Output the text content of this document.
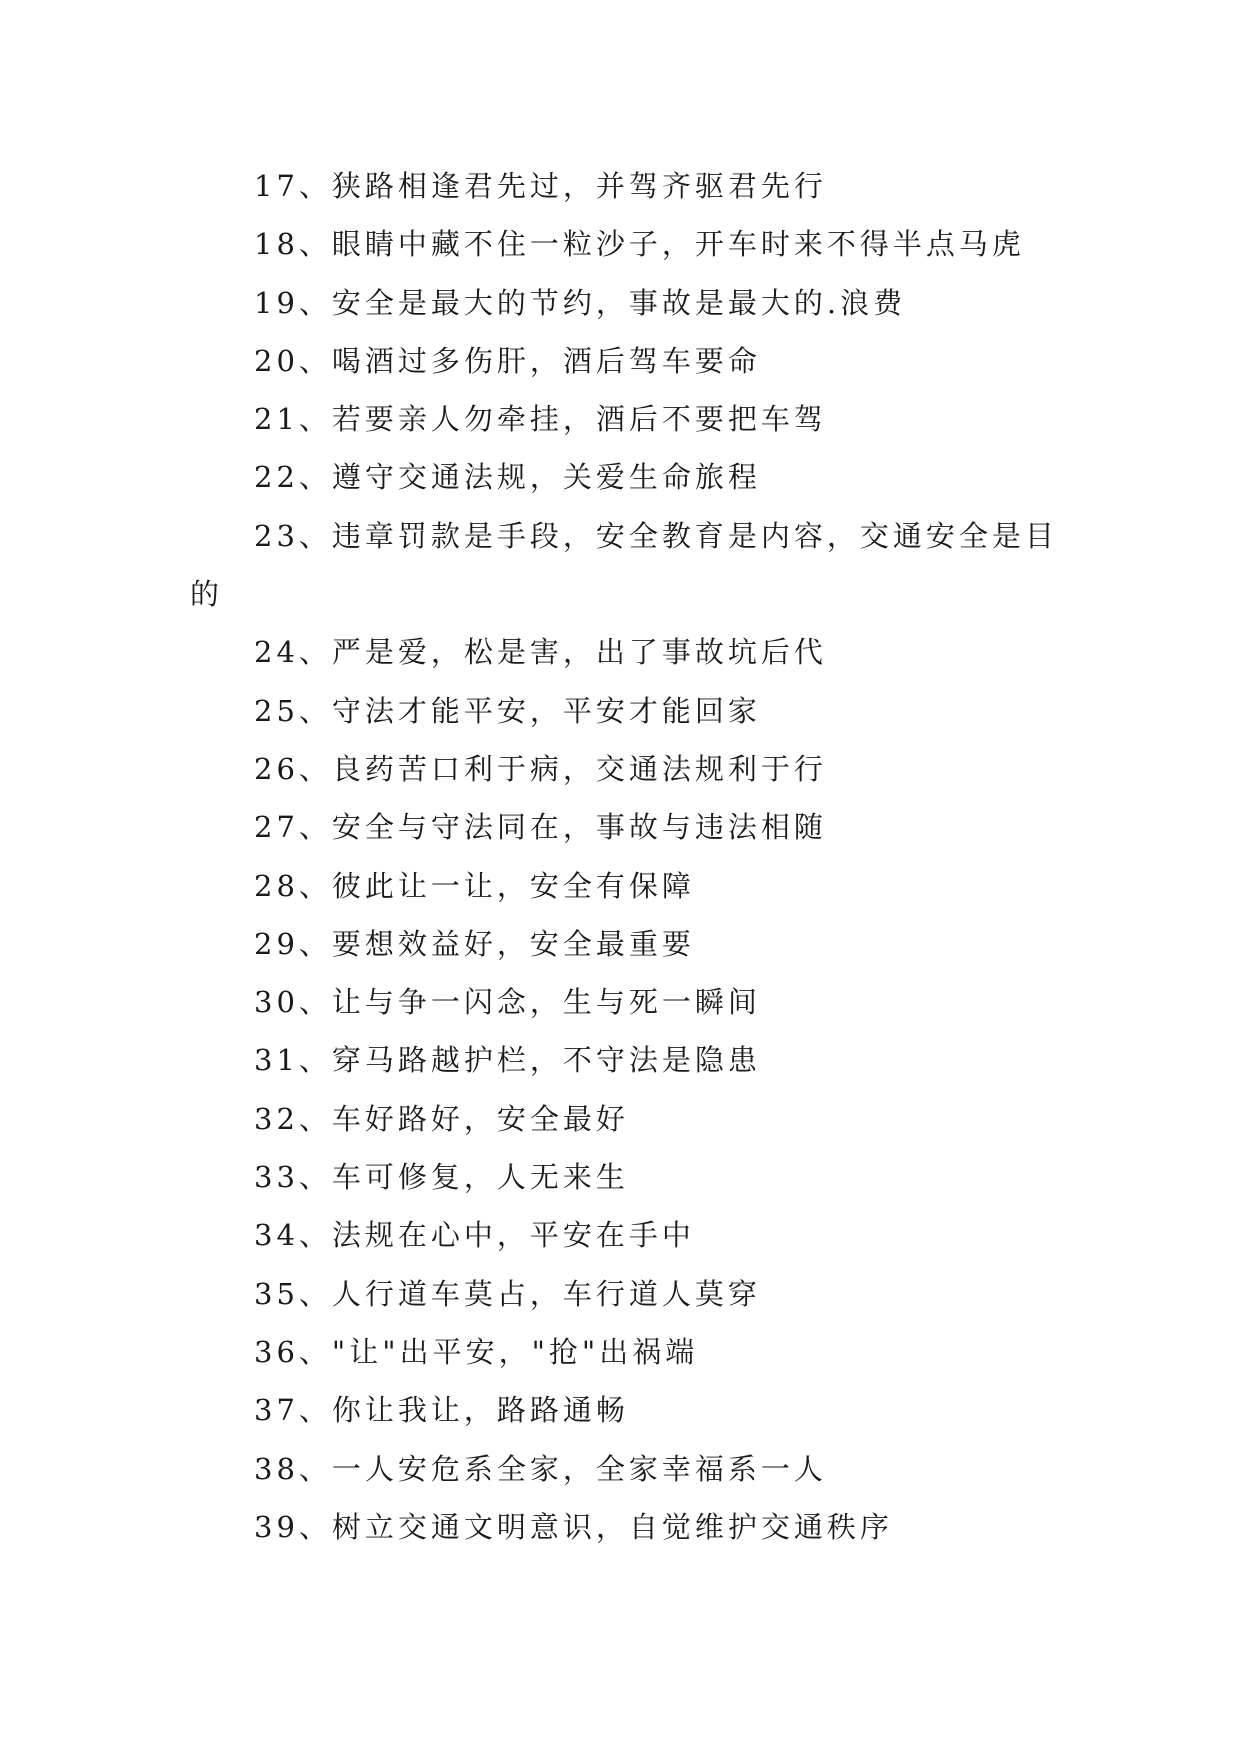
17、狭路相逢君先过，并驾齐驱君先行
18、眼睛中藏不住一粒沙子，开车时来不得半点马虎
19、安全是最大的节约，事故是最大的.浪费
20、喝酒过多伤肝，酒后驾车要命
21、若要亲人勿牵挂，酒后不要把车驾
22、遵守交通法规，关爱生命旅程
23、违章罚款是手段，安全教育是内容，交通安全是目
的
24、严是爱，松是害，出了事故坑后代
25、守法才能平安，平安才能回家
26、良药苦口利于病，交通法规利于行
27、安全与守法同在，事故与违法相随
28、彼此让一让，安全有保障
29、要想效益好，安全最重要
30、让与争一闪念，生与死一瞬间
31、穿马路越护栏，不守法是隐患
32、车好路好，安全最好
33、车可修复，人无来生
34、法规在心中，平安在手中
35、人行道车莫占，车行道人莫穿
36、"让"出平安，"抢"出祸端
37、你让我让，路路通畅
38、一人安危系全家，全家幸福系一人
39、树立交通文明意识，自觉维护交通秩序
